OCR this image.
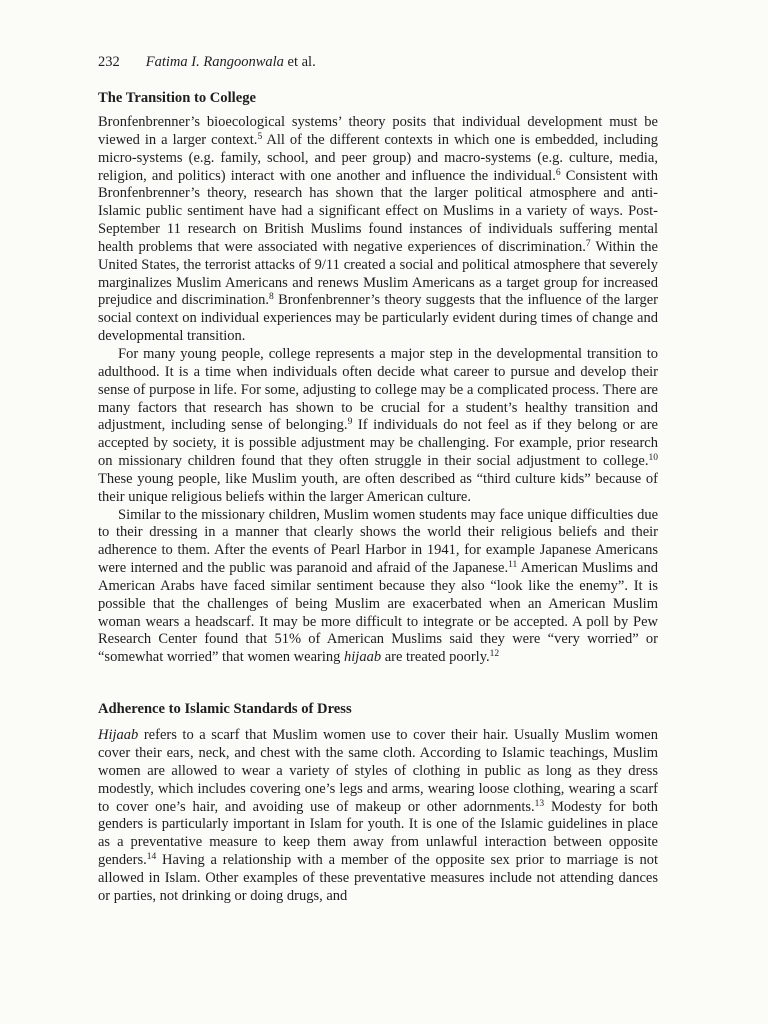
232 Fatima I. Rangoonwala et al.
The Transition to College

Bronfenbrenner’s bioecological systems’ theory posits that individual development must be viewed in a larger context.$^5$ All of the different contexts in which one is embedded, including micro-systems (e.g. family, school, and peer group) and macro-systems (e.g. culture, media, religion, and politics) interact with one another and influence the individual.$^6$ Consistent with Bronfenbrenner’s theory, research has shown that the larger political atmosphere and anti-Islamic public sentiment have had a significant effect on Muslims in a variety of ways. Post-September 11 research on British Muslims found instances of individuals suffering mental health problems that were associated with negative experiences of discrimination.$^7$ Within the United States, the terrorist attacks of 9/11 created a social and political atmosphere that severely marginalizes Muslim Americans and renews Muslim Americans as a target group for increased prejudice and discrimination.$^8$ Bronfenbrenner’s theory suggests that the influence of the larger social context on individual experiences may be particularly evident during times of change and developmental transition.

For many young people, college represents a major step in the developmental transition to adulthood. It is a time when individuals often decide what career to pursue and develop their sense of purpose in life. For some, adjusting to college may be a complicated process. There are many factors that research has shown to be crucial for a student’s healthy transition and adjustment, including sense of belonging.$^9$ If individuals do not feel as if they belong or are accepted by society, it is possible adjustment may be challenging. For example, prior research on missionary children found that they often struggle in their social adjustment to college.$^{10}$ These young people, like Muslim youth, are often described as “third culture kids” because of their unique religious beliefs within the larger American culture.

Similar to the missionary children, Muslim women students may face unique difficulties due to their dressing in a manner that clearly shows the world their religious beliefs and their adherence to them. After the events of Pearl Harbor in 1941, for example Japanese Americans were interned and the public was paranoid and afraid of the Japanese.$^{11}$ American Muslims and American Arabs have faced similar sentiment because they also “look like the enemy”. It is possible that the challenges of being Muslim are exacerbated when an American Muslim woman wears a headscarf. It may be more difficult to integrate or be accepted. A poll by Pew Research Center found that 51% of American Muslims said they were “very worried” or “somewhat worried” that women wearing hijaab are treated poorly.$^{12}$

Adherence to Islamic Standards of Dress

Hijaab refers to a scarf that Muslim women use to cover their hair. Usually Muslim women cover their ears, neck, and chest with the same cloth. According to Islamic teachings, Muslim women are allowed to wear a variety of styles of clothing in public as long as they dress modestly, which includes covering one’s legs and arms, wearing loose clothing, wearing a scarf to cover one’s hair, and avoiding use of makeup or other adornments.$^{13}$ Modesty for both genders is particularly important in Islam for youth. It is one of the Islamic guidelines in place as a preventative measure to keep them away from unlawful interaction between opposite genders.$^{14}$ Having a relationship with a member of the opposite sex prior to marriage is not allowed in Islam. Other examples of these preventative measures include not attending dances or parties, not drinking or doing drugs, and
